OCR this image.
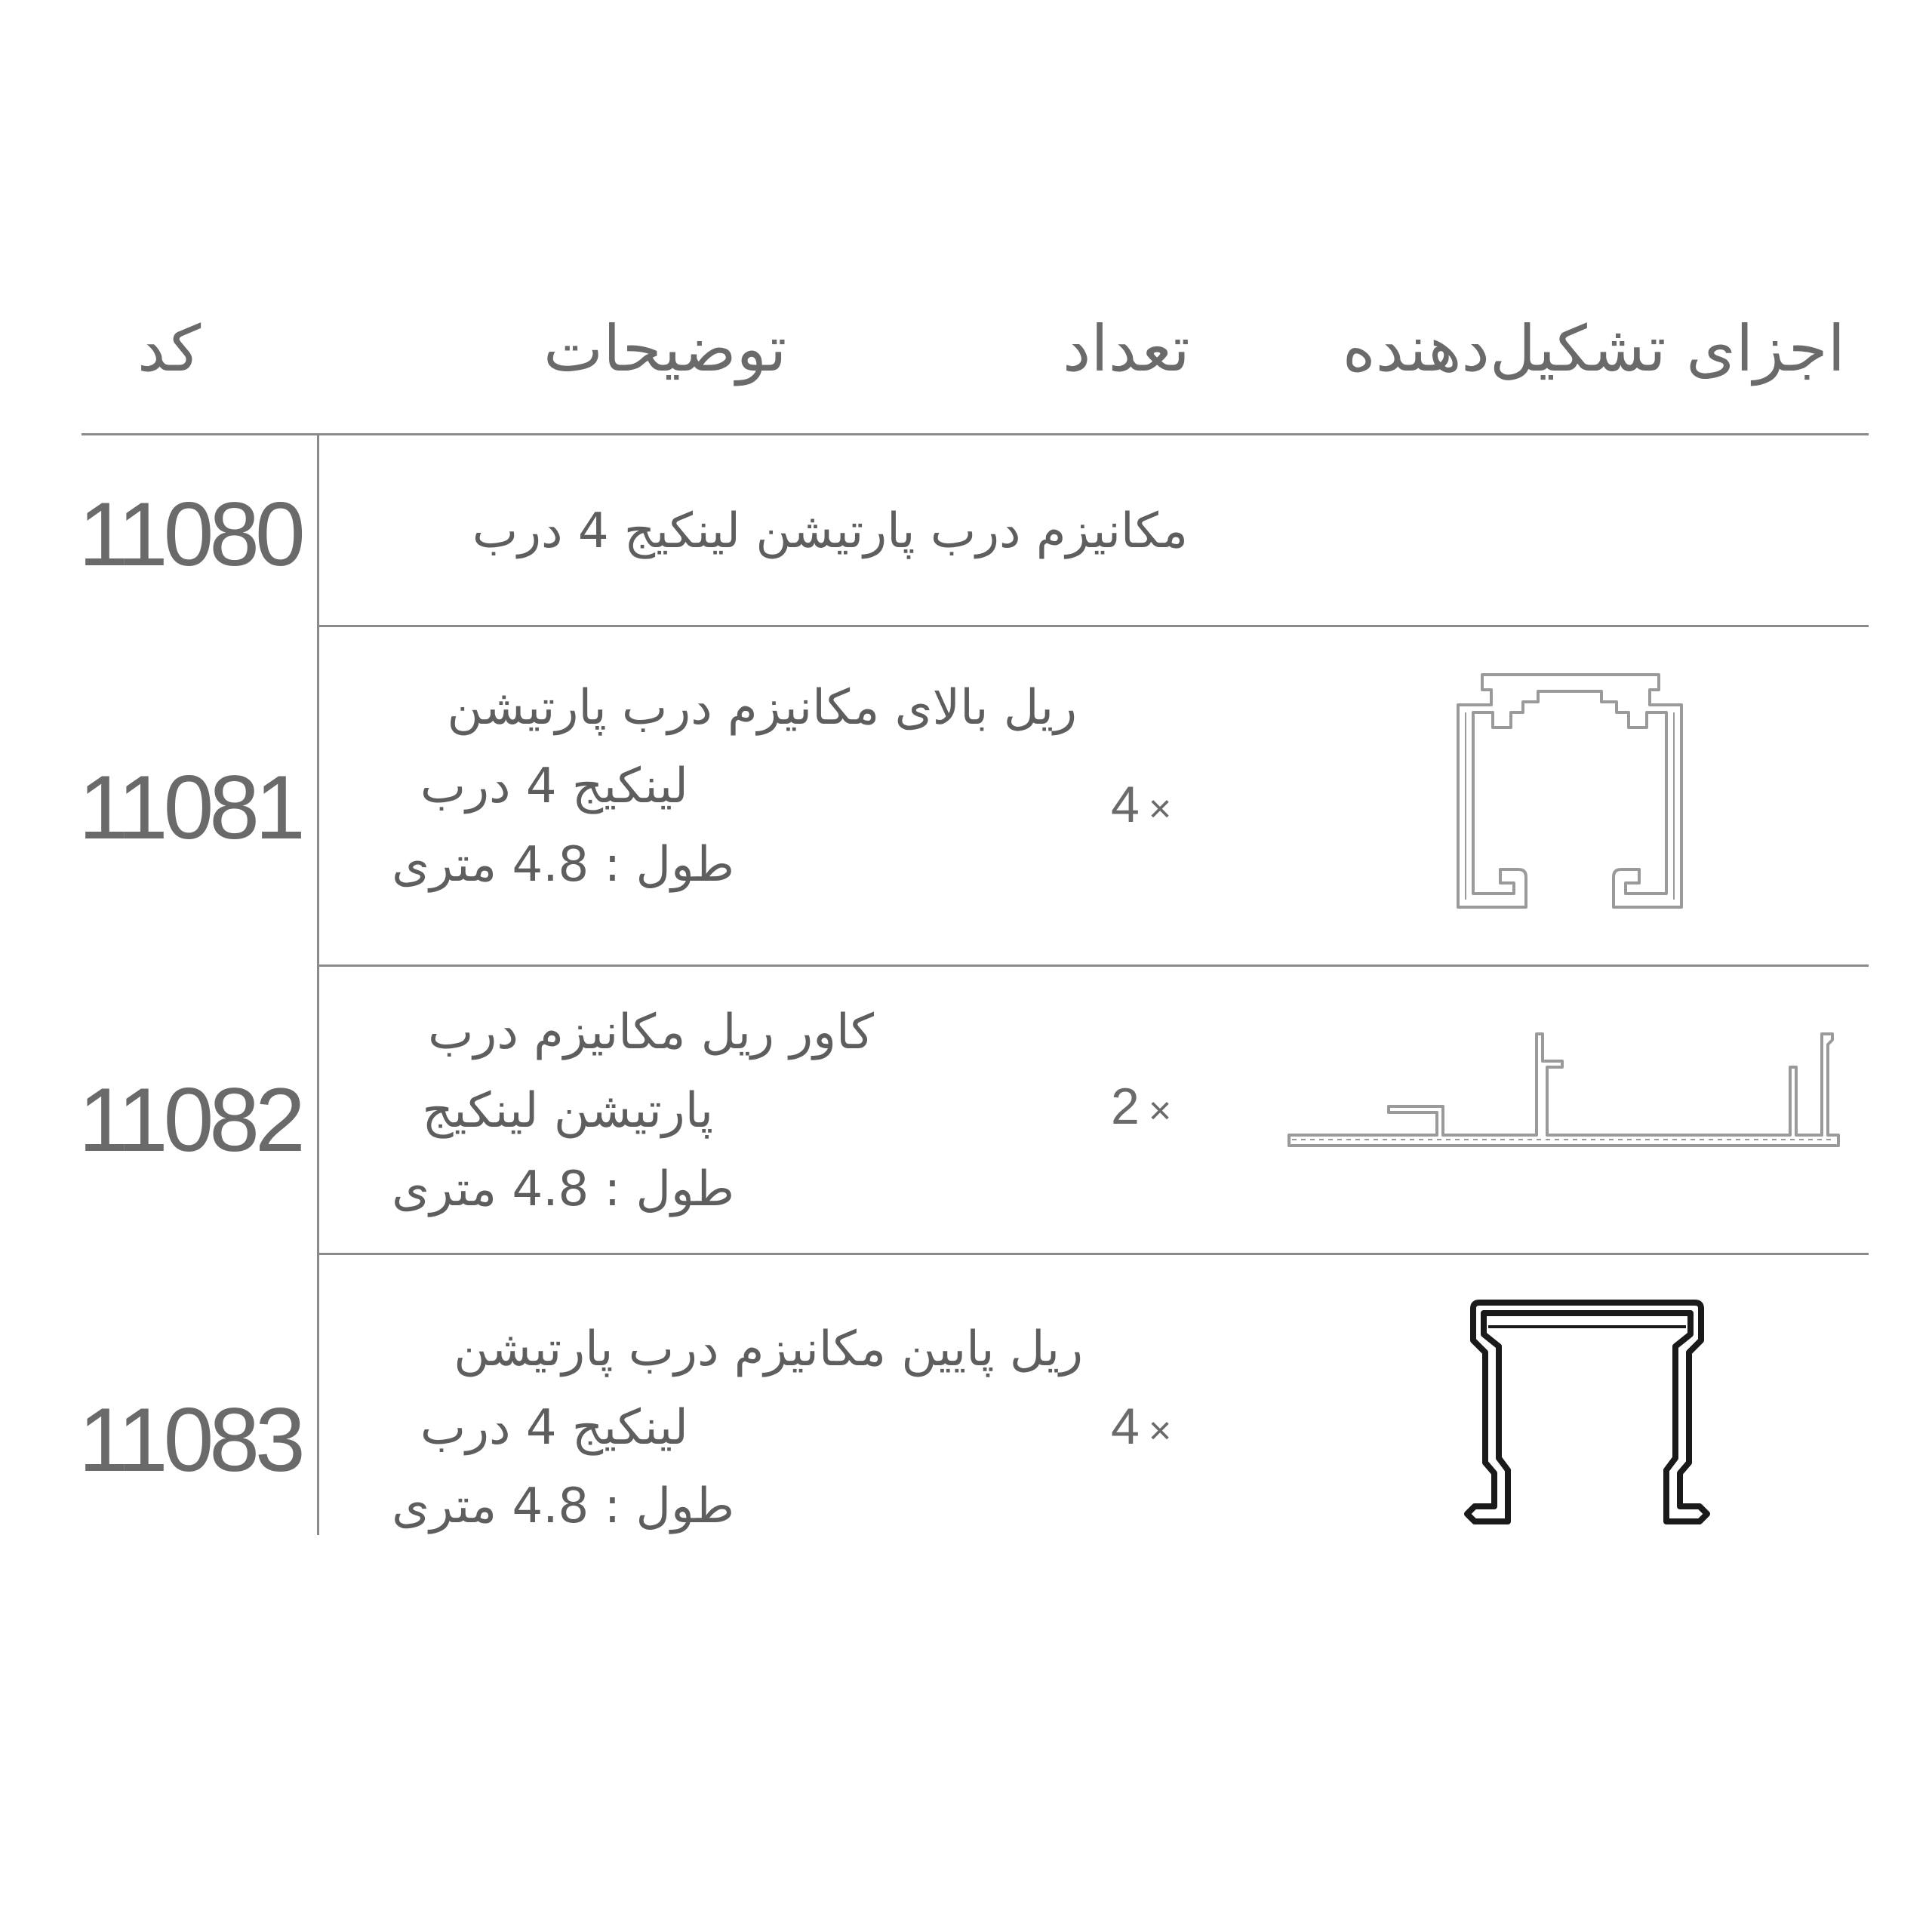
اجزای تشکیل‌دهنده
تعداد
توضیحات
کد
11080	مکانیزم درب پارتیشن لینکیج 4 درب
11081
ریل بالای مکانیزم درب پارتیشن
لینکیج 4 درب
طول : 4.8 متری
4 ×
11082
کاور ریل مکانیزم درب
پارتیشن لینکیج
طول : 4.8 متری
2 ×
11083
ریل پایین مکانیزم درب پارتیشن
لینکیج 4 درب
طول : 4.8 متری
4 ×
